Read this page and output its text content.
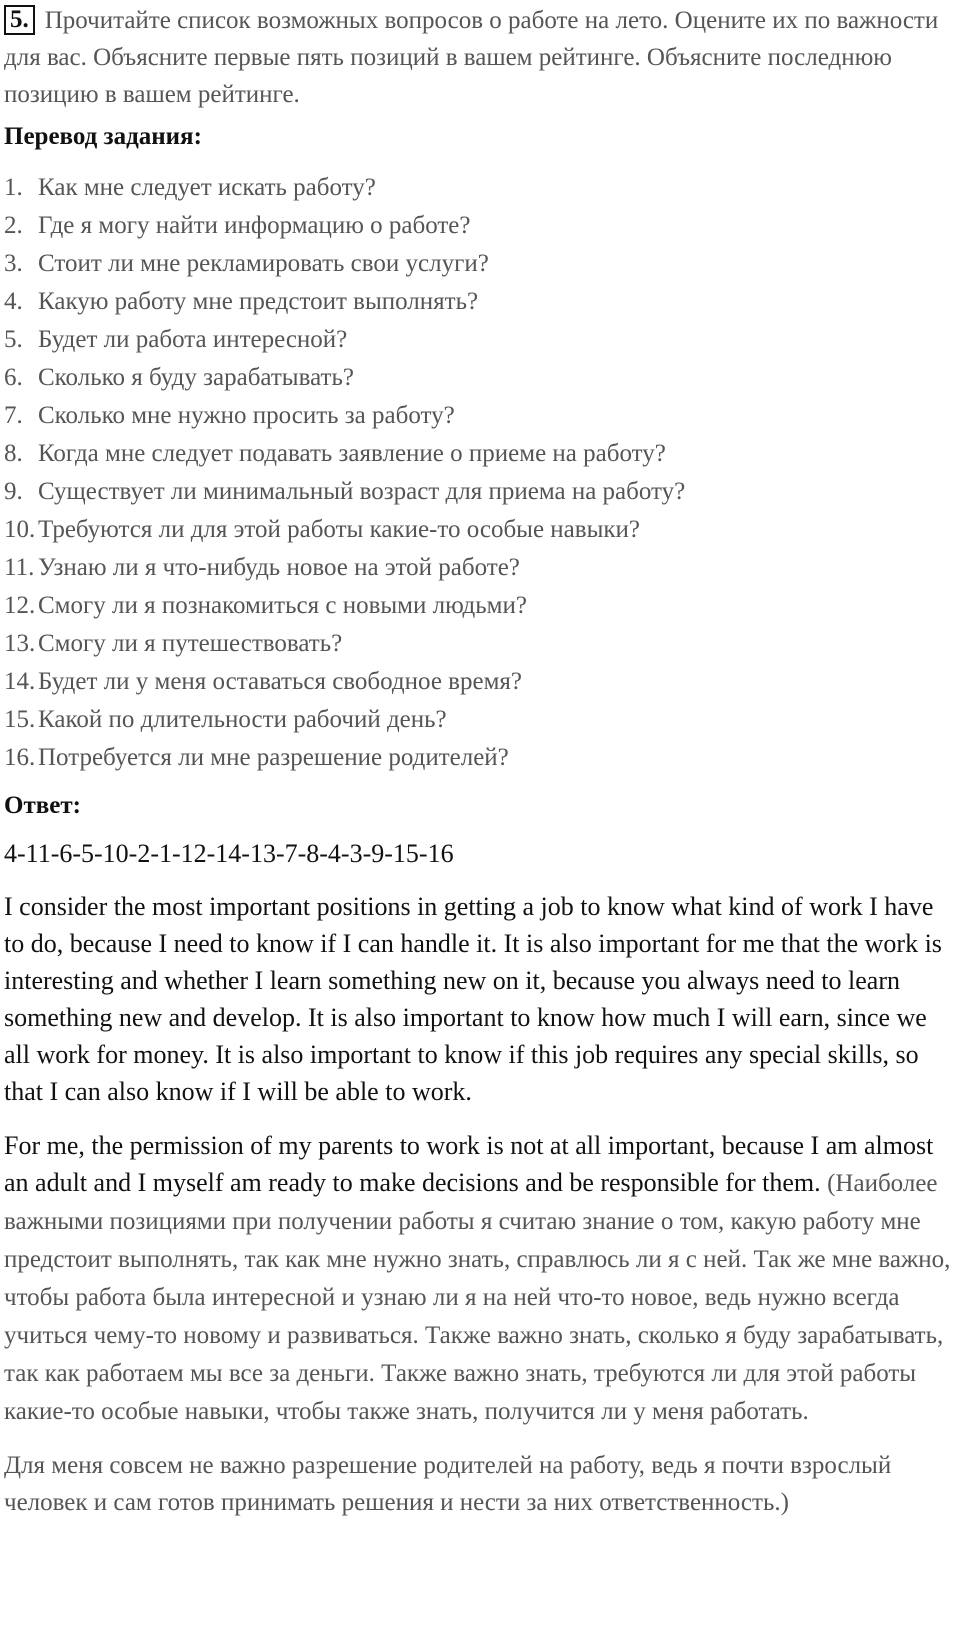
5. Прочитайте список возможных вопросов о работе на лето. Оцените их по важности для вас. Объясните первые пять позиций в вашем рейтинге. Объясните последнюю позицию в вашем рейтинге.

Перевод задания:

1. Как мне следует искать работу?
2. Где я могу найти информацию о работе?
3. Стоит ли мне рекламировать свои услуги?
4. Какую работу мне предстоит выполнять?
5. Будет ли работа интересной?
6. Сколько я буду зарабатывать?
7. Сколько мне нужно просить за работу?
8. Когда мне следует подавать заявление о приеме на работу?
9. Существует ли минимальный возраст для приема на работу?
10. Требуются ли для этой работы какие-то особые навыки?
11. Узнаю ли я что-нибудь новое на этой работе?
12. Смогу ли я познакомиться с новыми людьми?
13. Смогу ли я путешествовать?
14. Будет ли у меня оставаться свободное время?
15. Какой по длительности рабочий день?
16. Потребуется ли мне разрешение родителей?

Ответ:

4-11-6-5-10-2-1-12-14-13-7-8-4-3-9-15-16

I consider the most important positions in getting a job to know what kind of work I have to do, because I need to know if I can handle it. It is also important for me that the work is interesting and whether I learn something new on it, because you always need to learn something new and develop. It is also important to know how much I will earn, since we all work for money. It is also important to know if this job requires any special skills, so that I can also know if I will be able to work.

For me, the permission of my parents to work is not at all important, because I am almost an adult and I myself am ready to make decisions and be responsible for them. (Наиболее важными позициями при получении работы я считаю знание о том, какую работу мне предстоит выполнять, так как мне нужно знать, справлюсь ли я с ней. Так же мне важно, чтобы работа была интересной и узнаю ли я на ней что-то новое, ведь нужно всегда учиться чему-то новому и развиваться. Также важно знать, сколько я буду зарабатывать, так как работаем мы все за деньги. Также важно знать, требуются ли для этой работы какие-то особые навыки, чтобы также знать, получится ли у меня работать.

Для меня совсем не важно разрешение родителей на работу, ведь я почти взрослый человек и сам готов принимать решения и нести за них ответственность.)
